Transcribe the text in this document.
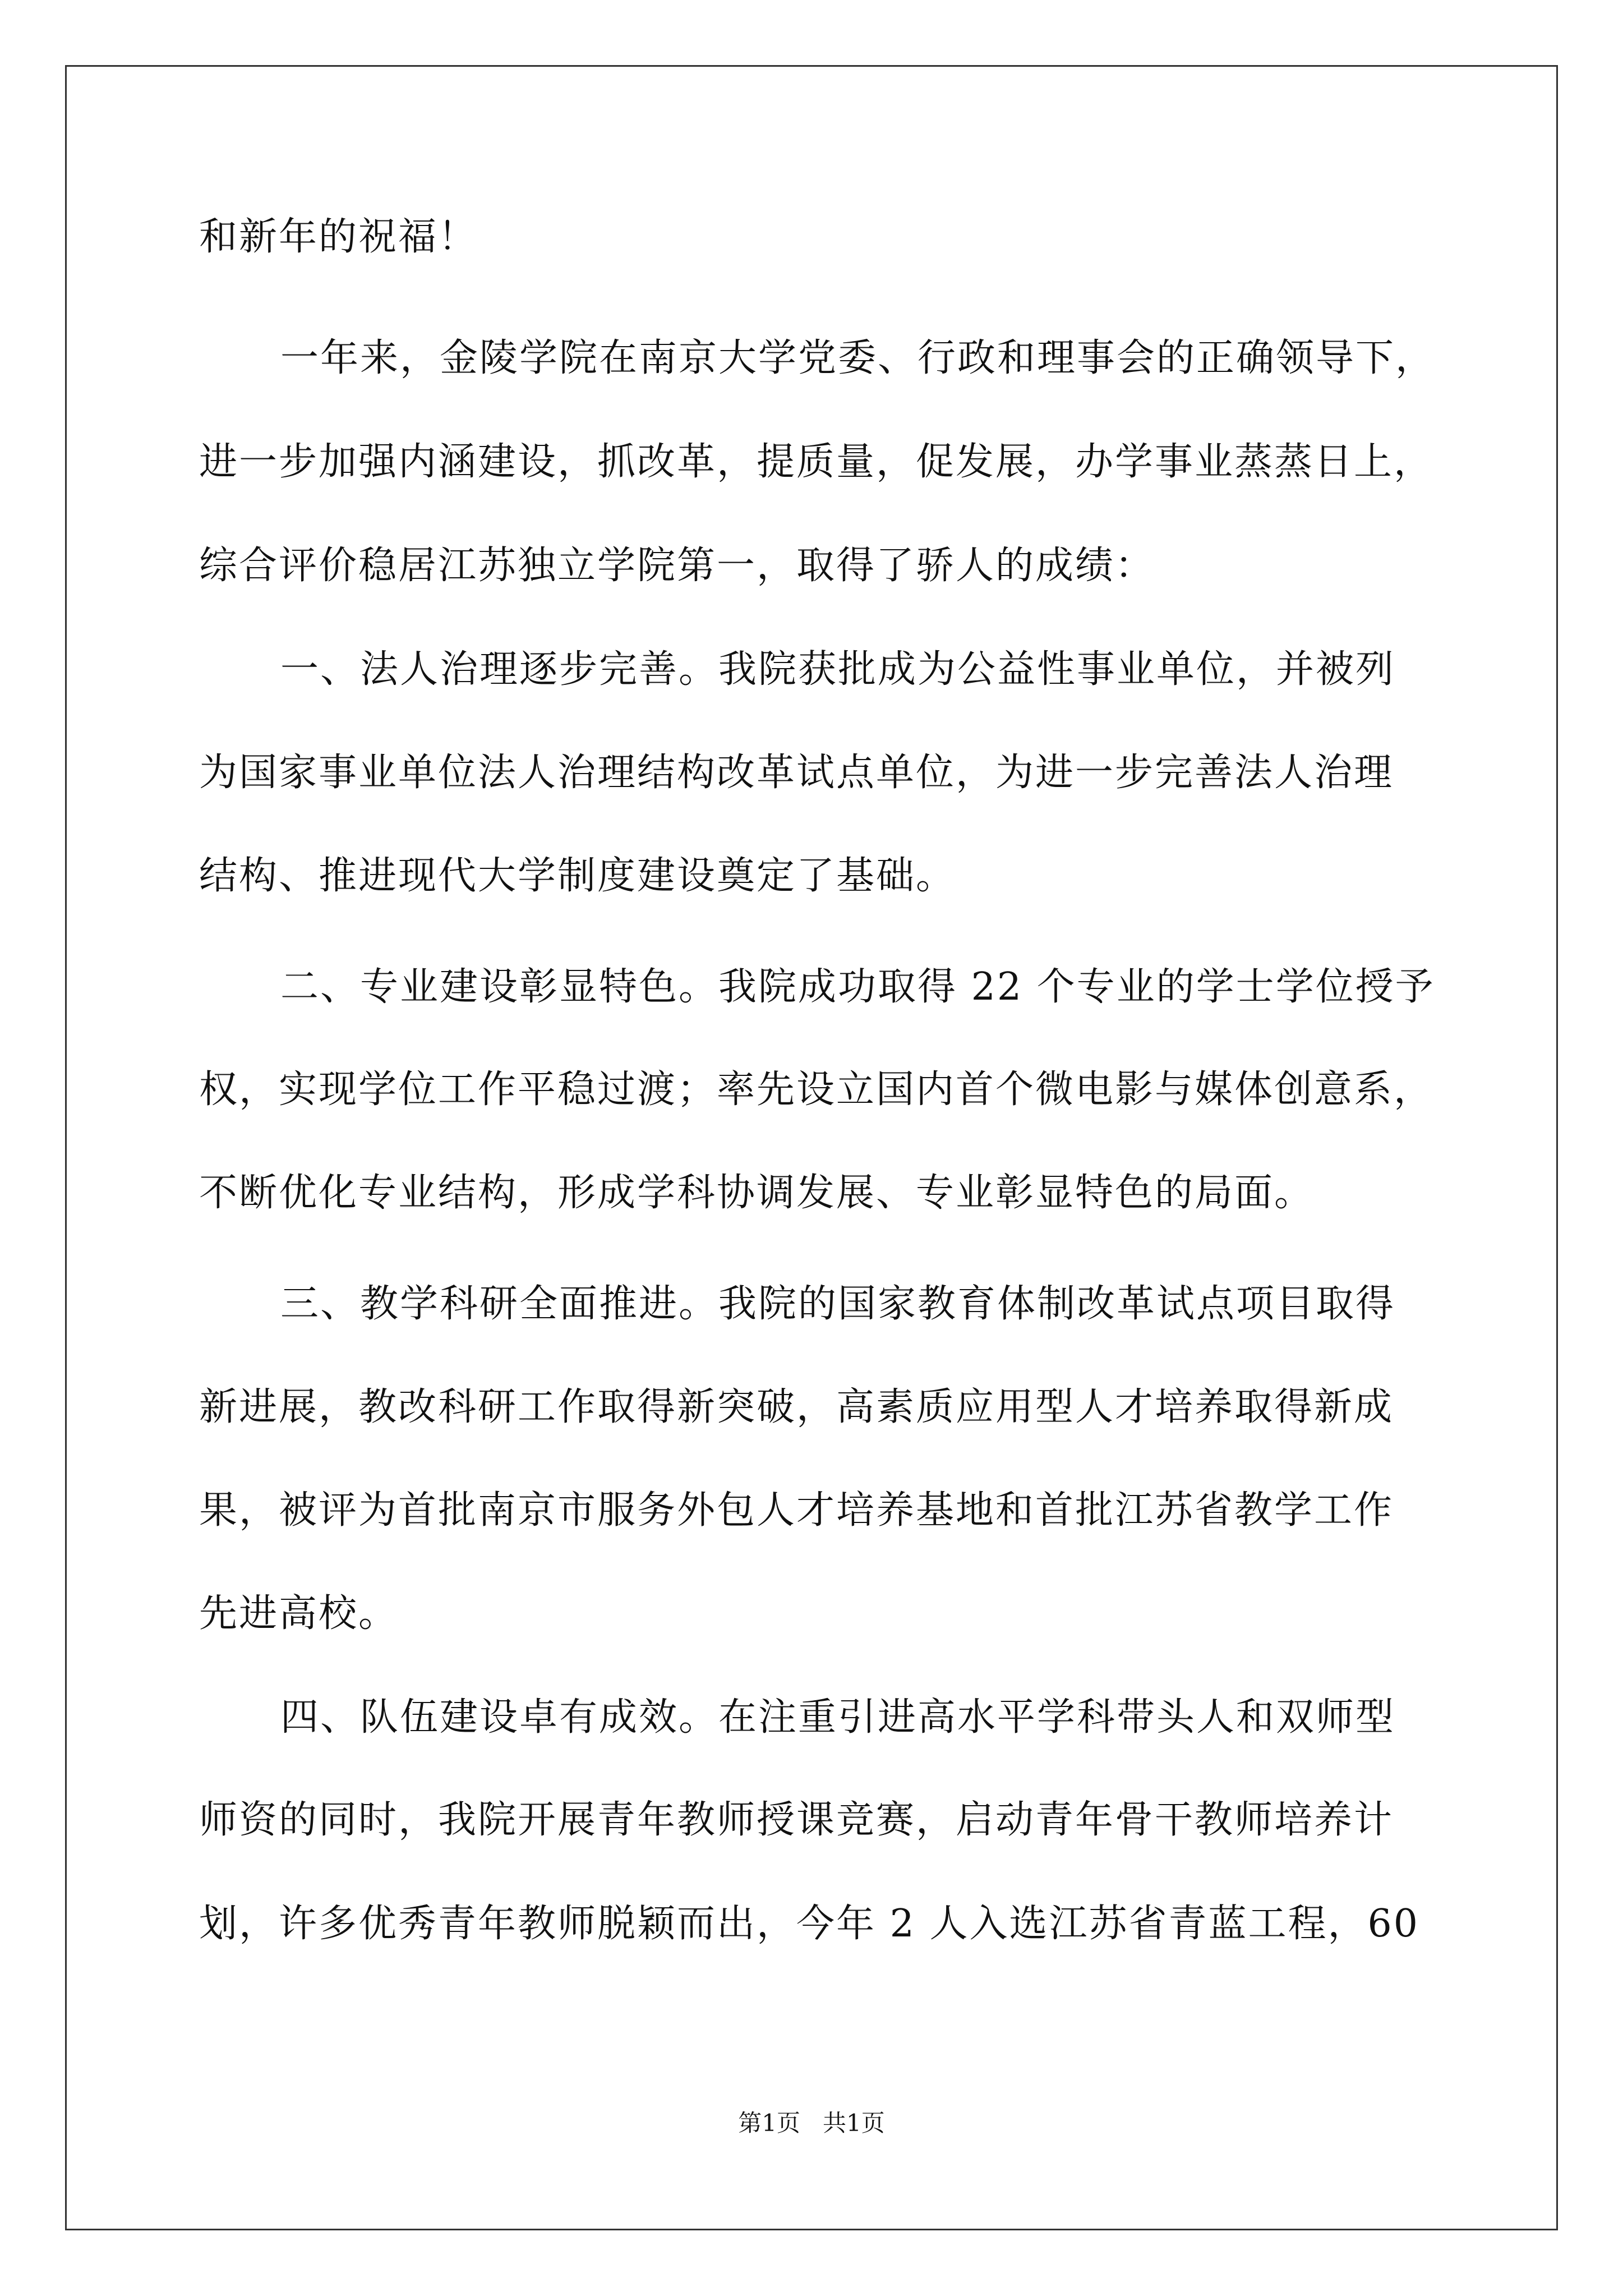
和新年的祝福！
一年来，金陵学院在南京大学党委、行政和理事会的正确领导下，
进一步加强内涵建设，抓改革，提质量，促发展，办学事业蒸蒸日上，
综合评价稳居江苏独立学院第一，取得了骄人的成绩：
一、法人治理逐步完善。我院获批成为公益性事业单位，并被列
为国家事业单位法人治理结构改革试点单位，为进一步完善法人治理
结构、推进现代大学制度建设奠定了基础。
二、专业建设彰显特色。我院成功取得 22 个专业的学士学位授予
权，实现学位工作平稳过渡；率先设立国内首个微电影与媒体创意系，
不断优化专业结构，形成学科协调发展、专业彰显特色的局面。
三、教学科研全面推进。我院的国家教育体制改革试点项目取得
新进展，教改科研工作取得新突破，高素质应用型人才培养取得新成
果，被评为首批南京市服务外包人才培养基地和首批江苏省教学工作
先进高校。
四、队伍建设卓有成效。在注重引进高水平学科带头人和双师型
师资的同时，我院开展青年教师授课竞赛，启动青年骨干教师培养计
划，许多优秀青年教师脱颖而出，今年 2 人入选江苏省青蓝工程，60
第1页   共1页
